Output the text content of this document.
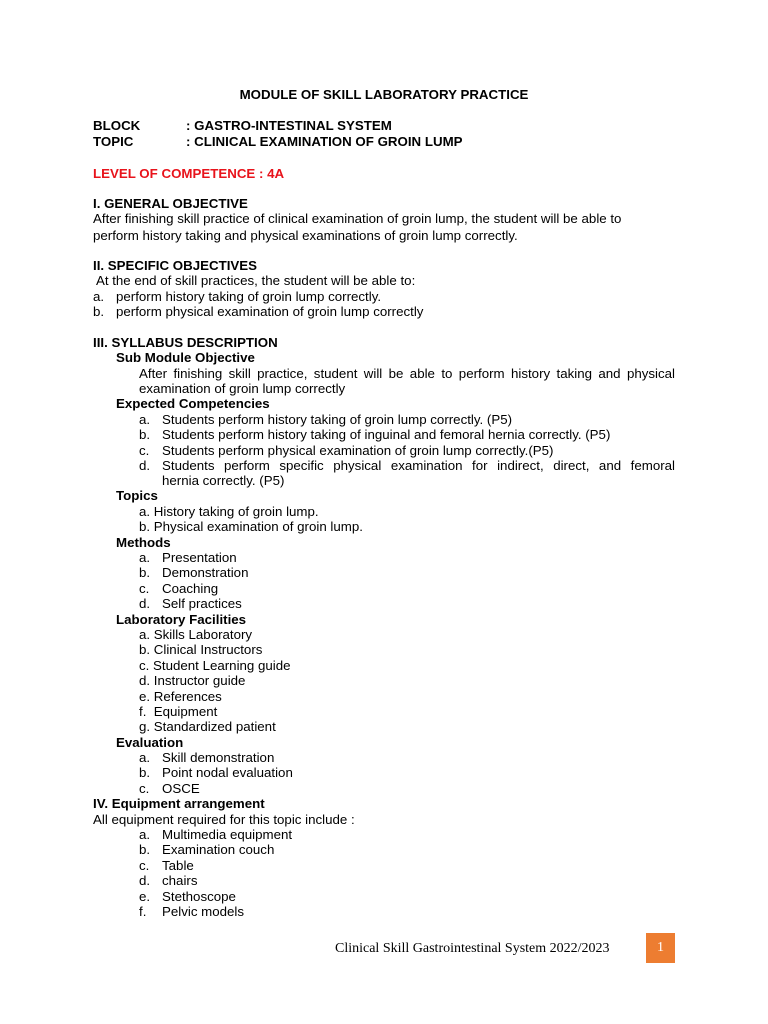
MODULE OF SKILL LABORATORY PRACTICE
BLOCK	: GASTRO-INTESTINAL SYSTEM
TOPIC	: CLINICAL EXAMINATION OF GROIN LUMP
LEVEL OF COMPETENCE : 4A
I. GENERAL OBJECTIVE
After finishing skill practice of clinical examination of groin lump, the student will be able to
perform history taking and physical examinations of groin lump correctly.
II. SPECIFIC OBJECTIVES
At the end of skill practices, the student will be able to:
a. perform history taking of groin lump correctly.
b. perform physical examination of groin lump correctly
III. SYLLABUS DESCRIPTION
Sub Module Objective
After finishing skill practice, student will be able to perform history taking and physical
examination of groin lump correctly
Expected Competencies
a. Students perform history taking of groin lump correctly. (P5)
b. Students perform history taking of inguinal and femoral hernia correctly. (P5)
c. Students perform physical examination of groin lump correctly.(P5)
d. Students perform specific physical examination for indirect, direct, and femoral
hernia correctly. (P5)
Topics
a. History taking of groin lump.
b. Physical examination of groin lump.
Methods
a. Presentation
b. Demonstration
c. Coaching
d. Self practices
Laboratory Facilities
a. Skills Laboratory
b. Clinical Instructors
c. Student Learning guide
d. Instructor guide
e. References
f.  Equipment
g. Standardized patient
Evaluation
a. Skill demonstration
b. Point nodal evaluation
c. OSCE
IV. Equipment arrangement
All equipment required for this topic include :
a. Multimedia equipment
b. Examination couch
c. Table
d. chairs
e. Stethoscope
f. Pelvic models
Clinical Skill Gastrointestinal System 2022/2023	1
